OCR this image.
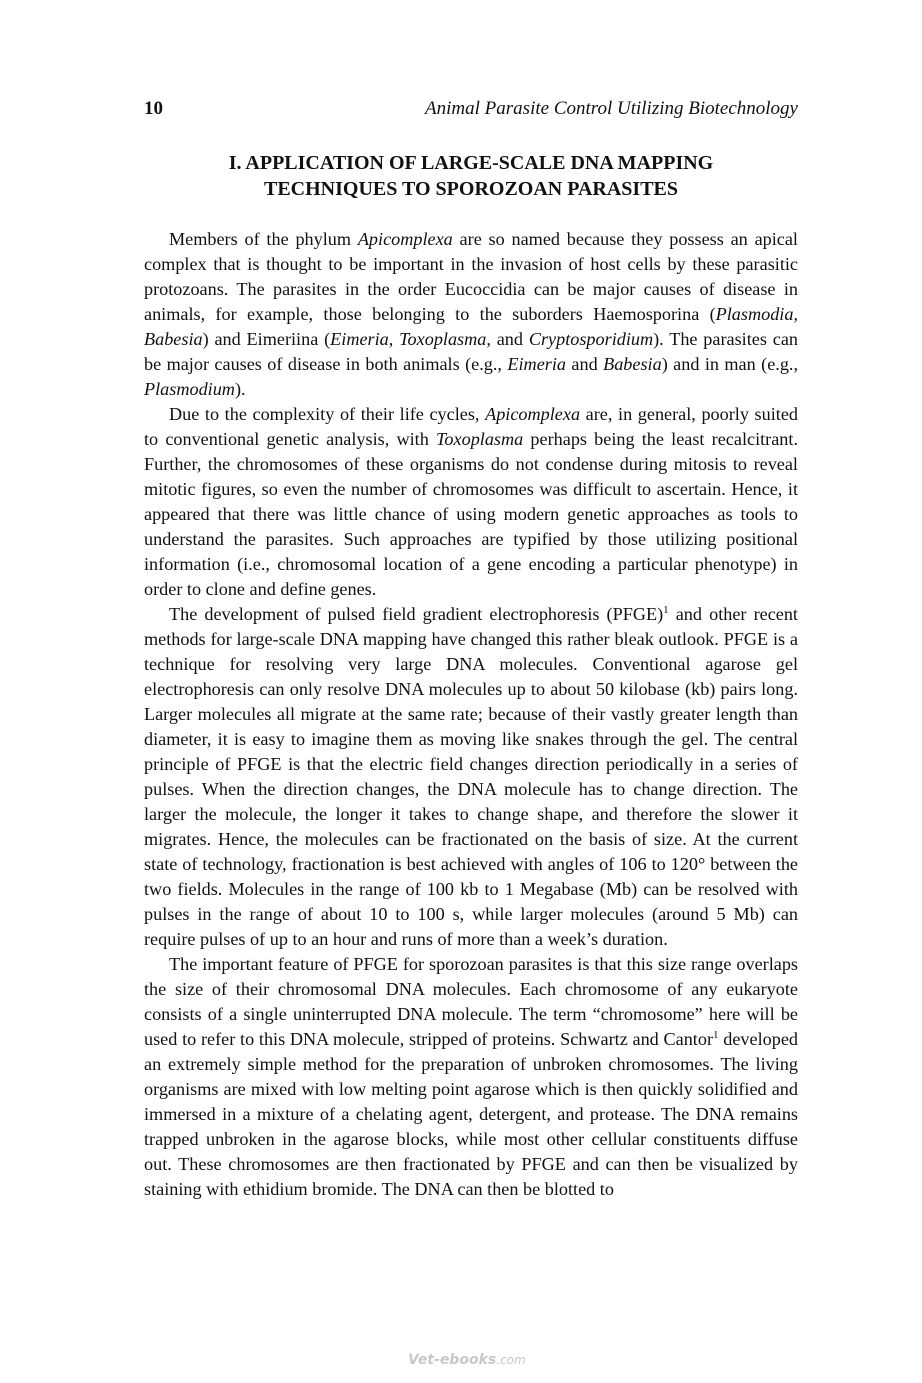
10	Animal Parasite Control Utilizing Biotechnology
I. APPLICATION OF LARGE-SCALE DNA MAPPING
TECHNIQUES TO SPOROZOAN PARASITES

Members of the phylum Apicomplexa are so named because they possess an apical complex that is thought to be important in the invasion of host cells by these parasitic protozoans. The parasites in the order Eucoccidia can be major causes of disease in animals, for example, those belonging to the suborders Haemosporina (Plasmodia, Babesia) and Eimeriina (Eimeria, Toxoplasma, and Cryptosporidium). The parasites can be major causes of disease in both animals (e.g., Eimeria and Babesia) and in man (e.g., Plasmodium).

Due to the complexity of their life cycles, Apicomplexa are, in general, poorly suited to conventional genetic analysis, with Toxoplasma perhaps being the least recalcitrant. Further, the chromosomes of these organisms do not condense during mitosis to reveal mitotic figures, so even the number of chromosomes was difficult to ascertain. Hence, it appeared that there was little chance of using modern genetic approaches as tools to understand the parasites. Such approaches are typified by those utilizing positional information (i.e., chromosomal location of a gene encoding a particular phenotype) in order to clone and define genes.

The development of pulsed field gradient electrophoresis (PFGE)$^1$ and other recent methods for large-scale DNA mapping have changed this rather bleak outlook. PFGE is a technique for resolving very large DNA molecules. Conventional agarose gel electrophoresis can only resolve DNA molecules up to about 50 kilobase (kb) pairs long. Larger molecules all migrate at the same rate; because of their vastly greater length than diameter, it is easy to imagine them as moving like snakes through the gel. The central principle of PFGE is that the electric field changes direction periodically in a series of pulses. When the direction changes, the DNA molecule has to change direction. The larger the molecule, the longer it takes to change shape, and therefore the slower it migrates. Hence, the molecules can be fractionated on the basis of size. At the current state of technology, fractionation is best achieved with angles of 106 to 120° between the two fields. Molecules in the range of 100 kb to 1 Megabase (Mb) can be resolved with pulses in the range of about 10 to 100 s, while larger molecules (around 5 Mb) can require pulses of up to an hour and runs of more than a week’s duration.

The important feature of PFGE for sporozoan parasites is that this size range overlaps the size of their chromosomal DNA molecules. Each chromosome of any eukaryote consists of a single uninterrupted DNA molecule. The term “chromosome” here will be used to refer to this DNA molecule, stripped of proteins. Schwartz and Cantor$^1$ developed an extremely simple method for the preparation of unbroken chromosomes. The living organisms are mixed with low melting point agarose which is then quickly solidified and immersed in a mixture of a chelating agent, detergent, and protease. The DNA remains trapped unbroken in the agarose blocks, while most other cellular constituents diffuse out. These chromosomes are then fractionated by PFGE and can then be visualized by staining with ethidium bromide. The DNA can then be blotted to

Vet-ebooks.com
